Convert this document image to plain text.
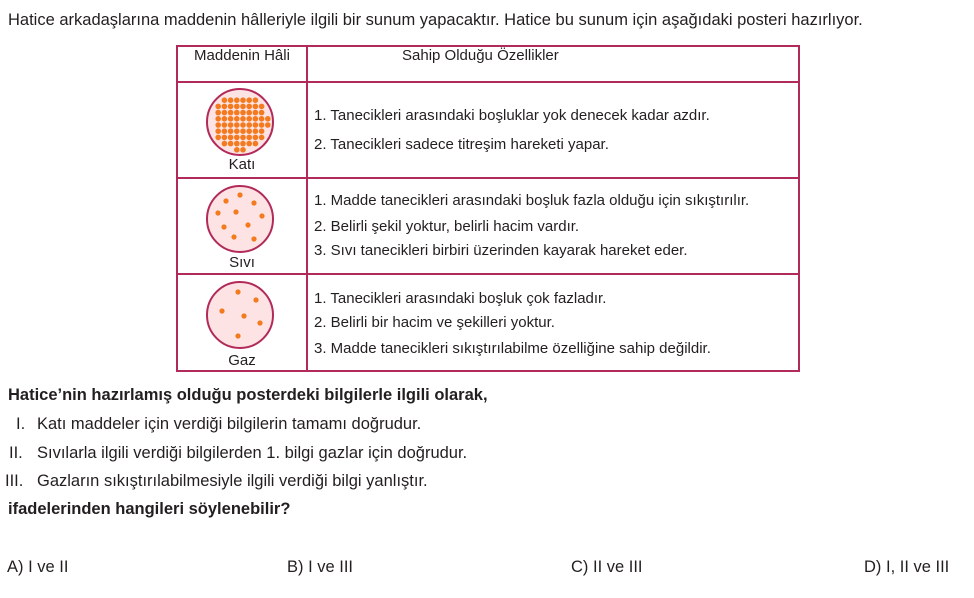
Hatice arkadaşlarına maddenin hâlleriyle ilgili bir sunum yapacaktır. Hatice bu sunum için aşağıdaki posteri hazırlıyor.
Maddenin Hâli	Sahip Olduğu Özellikler

Katı	1. Tanecikleri arasındaki boşluklar yok denecek kadar azdır.
2. Tanecikleri sadece titreşim hareketi yapar.

Sıvı	1. Madde tanecikleri arasındaki boşluk fazla olduğu için sıkıştırılır.
2. Belirli şekil yoktur, belirli hacim vardır.
3. Sıvı tanecikleri birbiri üzerinden kayarak hareket eder.

Gaz	1. Tanecikleri arasındaki boşluk çok fazladır.
2. Belirli bir hacim ve şekilleri yoktur.
3. Madde tanecikleri sıkıştırılabilme özelliğine sahip değildir.
Hatice’nin hazırlamış olduğu posterdeki bilgilerle ilgili olarak,
I. Katı maddeler için verdiği bilgilerin tamamı doğrudur.
II. Sıvılarla ilgili verdiği bilgilerden 1. bilgi gazlar için doğrudur.
III. Gazların sıkıştırılabilmesiyle ilgili verdiği bilgi yanlıştır.
ifadelerinden hangileri söylenebilir?
A) I ve II	B) I ve III	C) II ve III	D) I, II ve III
